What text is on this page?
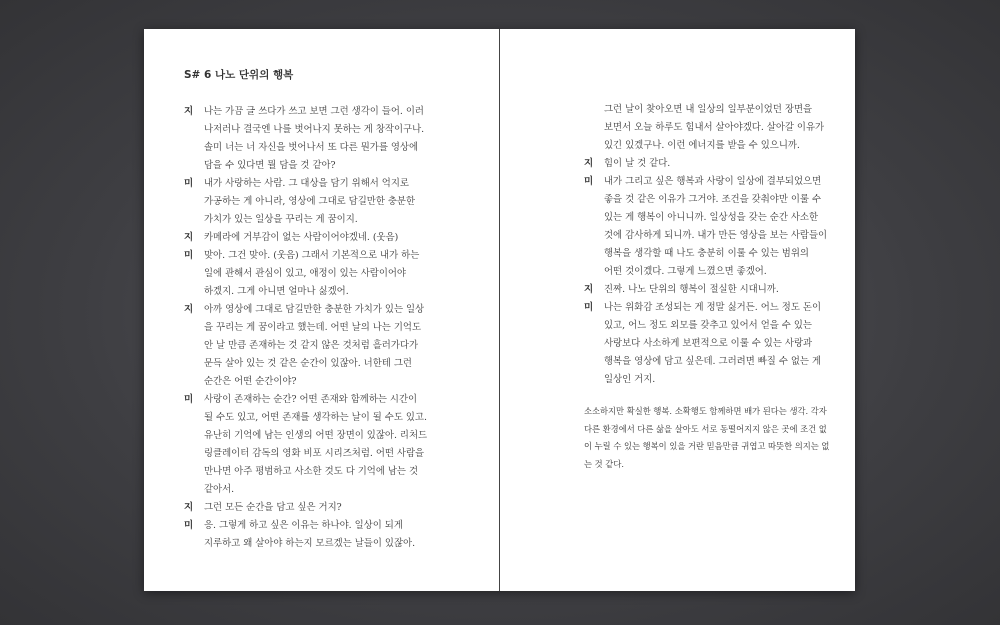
S# 6 나노 단위의 행복
지	나는 가끔 글 쓰다가 쓰고 보면 그런 생각이 들어. 이러
나저러나 결국엔 나를 벗어나지 못하는 게 창작이구나.
솔미 너는 너 자신을 벗어나서 또 다른 뭔가를 영상에
담을 수 있다면 뭘 담을 것 같아?
미	내가 사랑하는 사람. 그 대상을 담기 위해서 억지로
가공하는 게 아니라, 영상에 그대로 담길만한 충분한
가치가 있는 일상을 꾸리는 게 꿈이지.
지	카메라에 거부감이 없는 사람이어야겠네. (웃음)
미	맞아. 그건 맞아. (웃음) 그래서 기본적으로 내가 하는
일에 관해서 관심이 있고, 애정이 있는 사람이어야
하겠지. 그게 아니면 얼마나 싫겠어.
지	아까 영상에 그대로 담길만한 충분한 가치가 있는 일상
을 꾸리는 게 꿈이라고 했는데. 어떤 날의 나는 기억도
안 날 만큼 존재하는 것 같지 않은 것처럼 흘러가다가
문득 살아 있는 것 같은 순간이 있잖아. 너한테 그런
순간은 어떤 순간이야?
미	사랑이 존재하는 순간? 어떤 존재와 함께하는 시간이
될 수도 있고, 어떤 존재를 생각하는 날이 될 수도 있고.
유난히 기억에 남는 인생의 어떤 장면이 있잖아. 리처드
링클레이터 감독의 영화 비포 시리즈처럼. 어떤 사람을
만나면 아주 평범하고 사소한 것도 다 기억에 남는 것
같아서.
지	그런 모든 순간을 담고 싶은 거지?
미	응. 그렇게 하고 싶은 이유는 하나야. 일상이 되게
지루하고 왜 살아야 하는지 모르겠는 날들이 있잖아.
그런 날이 찾아오면 내 일상의 일부분이었던 장면을
보면서 오늘 하루도 힘내서 살아야겠다. 살아갈 이유가
있긴 있겠구나. 이런 에너지를 받을 수 있으니까.
지	힘이 날 것 같다.
미	내가 그리고 싶은 행복과 사랑이 일상에 결부되었으면
좋을 것 같은 이유가 그거야. 조건을 갖춰야만 이룰 수
있는 게 행복이 아니니까. 일상성을 갖는 순간 사소한
것에 감사하게 되니까. 내가 만든 영상을 보는 사람들이
행복을 생각할 때 나도 충분히 이룰 수 있는 범위의
어떤 것이겠다. 그렇게 느꼈으면 좋겠어.
지	진짜. 나노 단위의 행복이 절실한 시대니까.
미	나는 위화감 조성되는 게 정말 싫거든. 어느 정도 돈이
있고, 어느 정도 외모를 갖추고 있어서 얻을 수 있는
사랑보다 사소하게 보편적으로 이룰 수 있는 사랑과
행복을 영상에 담고 싶은데. 그러려면 빠질 수 없는 게
일상인 거지.
소소하지만 확실한 행복. 소확행도 함께하면 배가 된다는 생각. 각자
다른 환경에서 다른 삶을 살아도 서로 동떨어지지 않은 곳에 조건 없
이 누릴 수 있는 행복이 있을 거란 믿음만큼 귀엽고 따뜻한 의지는 없
는 것 같다.
